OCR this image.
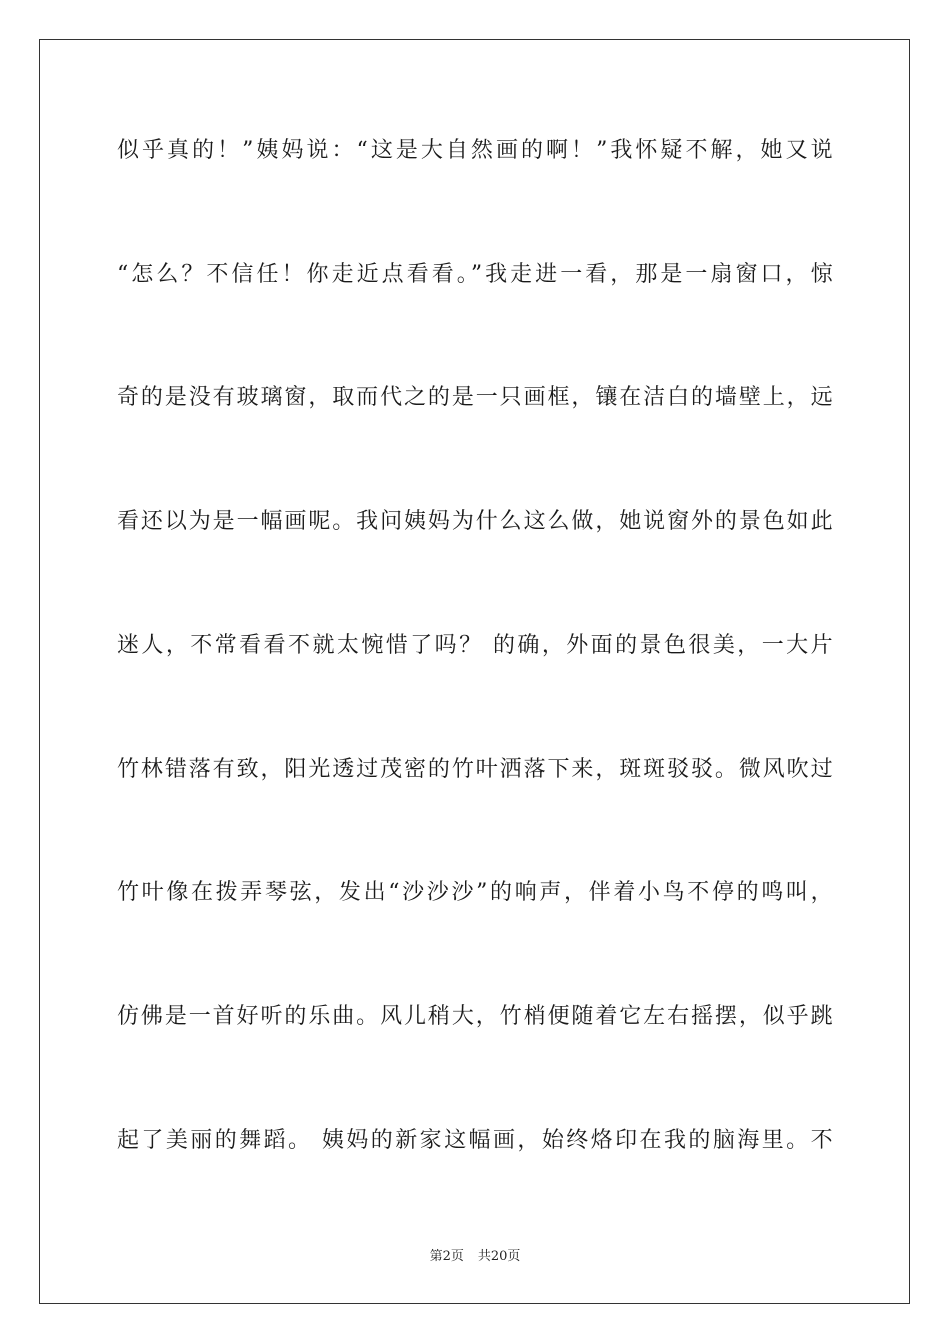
似乎真的！”姨妈说：“这是大自然画的啊！”我怀疑不解，她又说
“怎么？不信任！你走近点看看。”我走进一看，那是一扇窗口，惊
奇的是没有玻璃窗，取而代之的是一只画框，镶在洁白的墙壁上，远
看还以为是一幅画呢。我问姨妈为什么这么做，她说窗外的景色如此
迷人，不常看看不就太惋惜了吗？ 的确，外面的景色很美，一大片
竹林错落有致，阳光透过茂密的竹叶洒落下来，斑斑驳驳。微风吹过
竹叶像在拨弄琴弦，发出“沙沙沙”的响声，伴着小鸟不停的鸣叫，
仿佛是一首好听的乐曲。风儿稍大，竹梢便随着它左右摇摆，似乎跳
起了美丽的舞蹈。 姨妈的新家这幅画，始终烙印在我的脑海里。不
第2页 共20页
